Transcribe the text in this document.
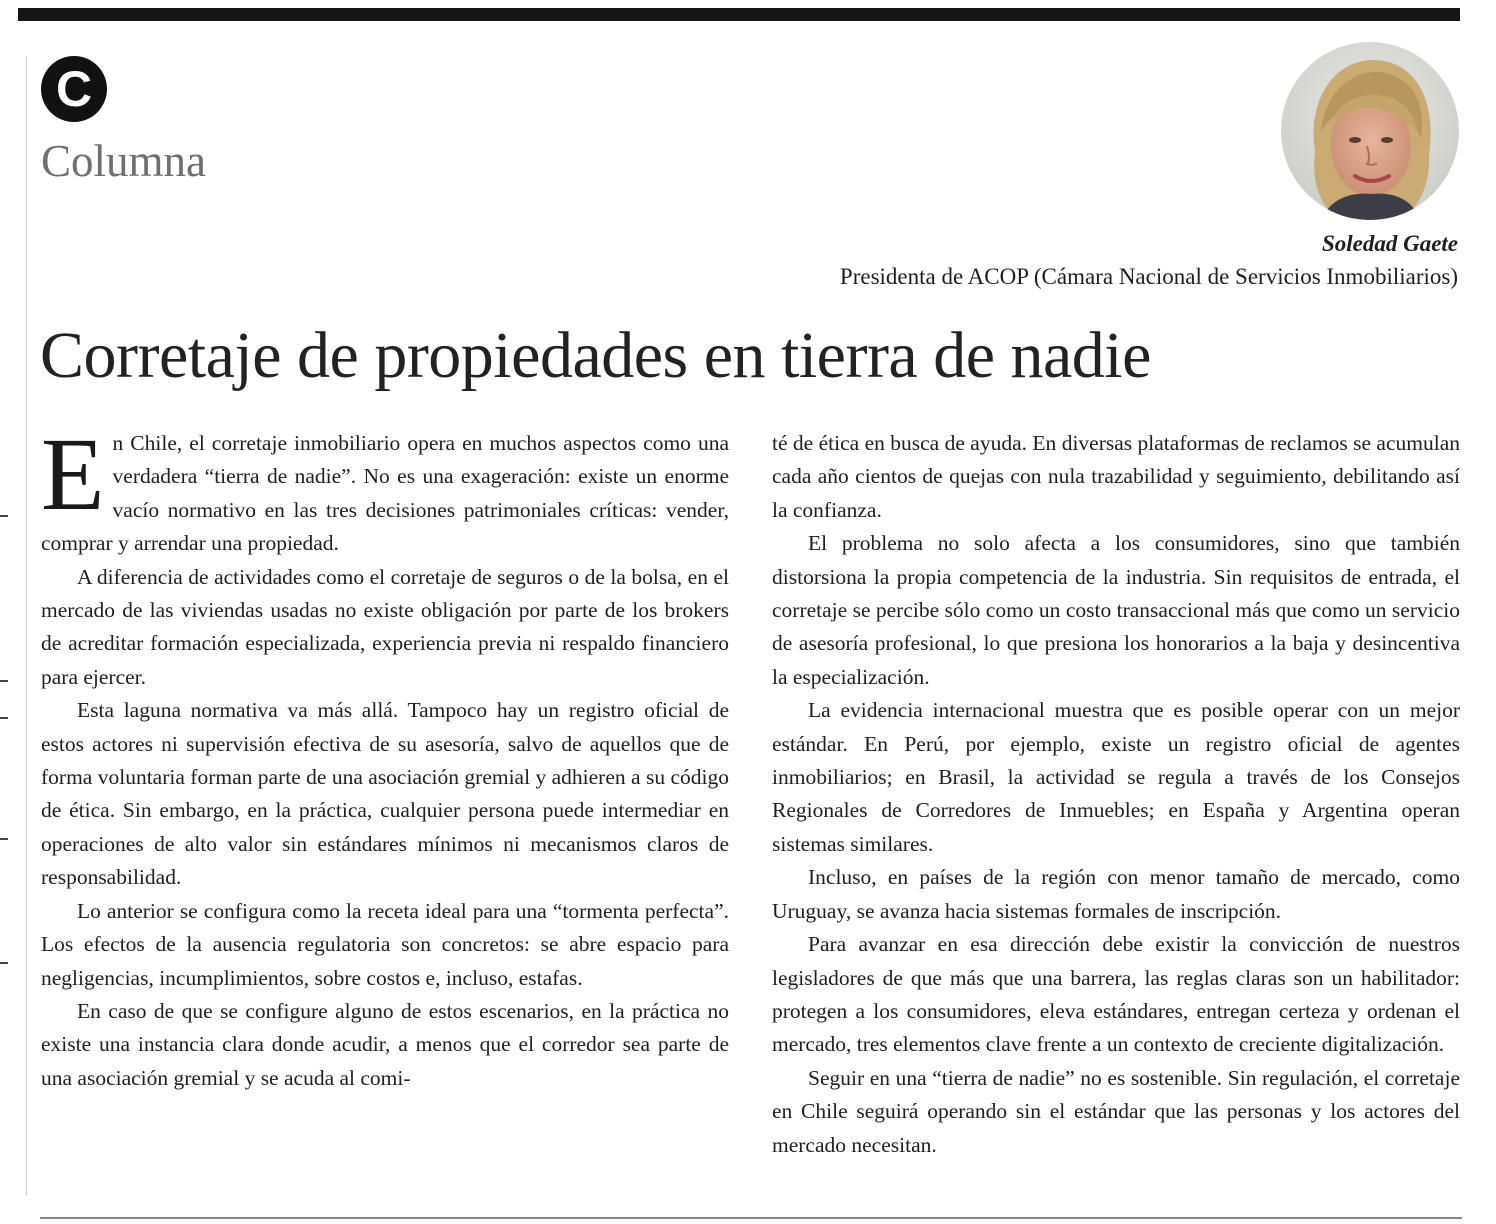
C
Columna
Soledad Gaete
Presidenta de ACOP (Cámara Nacional de Servicios Inmobiliarios)
Corretaje de propiedades en tierra de nadie

En Chile, el corretaje inmobiliario opera en muchos aspectos como una verdadera “tierra de nadie”. No es una exageración: existe un enorme vacío normativo en las tres decisiones patrimoniales críticas: vender, comprar y arrendar una propiedad.

A diferencia de actividades como el corretaje de seguros o de la bolsa, en el mercado de las viviendas usadas no existe obligación por parte de los brokers de acreditar formación especializada, experiencia previa ni respaldo financiero para ejercer.

Esta laguna normativa va más allá. Tampoco hay un registro oficial de estos actores ni supervisión efectiva de su asesoría, salvo de aquellos que de forma voluntaria forman parte de una asociación gremial y adhieren a su código de ética. Sin embargo, en la práctica, cualquier persona puede intermediar en operaciones de alto valor sin estándares mínimos ni mecanismos claros de responsabilidad.

Lo anterior se configura como la receta ideal para una “tormenta perfecta”. Los efectos de la ausencia regulatoria son concretos: se abre espacio para negligencias, incumplimientos, sobre costos e, incluso, estafas.

En caso de que se configure alguno de estos escenarios, en la práctica no existe una instancia clara donde acudir, a menos que el corredor sea parte de una asociación gremial y se acuda al comi-

té de ética en busca de ayuda. En diversas plataformas de reclamos se acumulan cada año cientos de quejas con nula trazabilidad y seguimiento, debilitando así la confianza.

El problema no solo afecta a los consumidores, sino que también distorsiona la propia competencia de la industria. Sin requisitos de entrada, el corretaje se percibe sólo como un costo transaccional más que como un servicio de asesoría profesional, lo que presiona los honorarios a la baja y desincentiva la especialización.

La evidencia internacional muestra que es posible operar con un mejor estándar. En Perú, por ejemplo, existe un registro oficial de agentes inmobiliarios; en Brasil, la actividad se regula a través de los Consejos Regionales de Corredores de Inmuebles; en España y Argentina operan sistemas similares.

Incluso, en países de la región con menor tamaño de mercado, como Uruguay, se avanza hacia sistemas formales de inscripción.

Para avanzar en esa dirección debe existir la convicción de nuestros legisladores de que más que una barrera, las reglas claras son un habilitador: protegen a los consumidores, eleva estándares, entregan certeza y ordenan el mercado, tres elementos clave frente a un contexto de creciente digitalización.

Seguir en una “tierra de nadie” no es sostenible. Sin regulación, el corretaje en Chile seguirá operando sin el estándar que las personas y los actores del mercado necesitan.
